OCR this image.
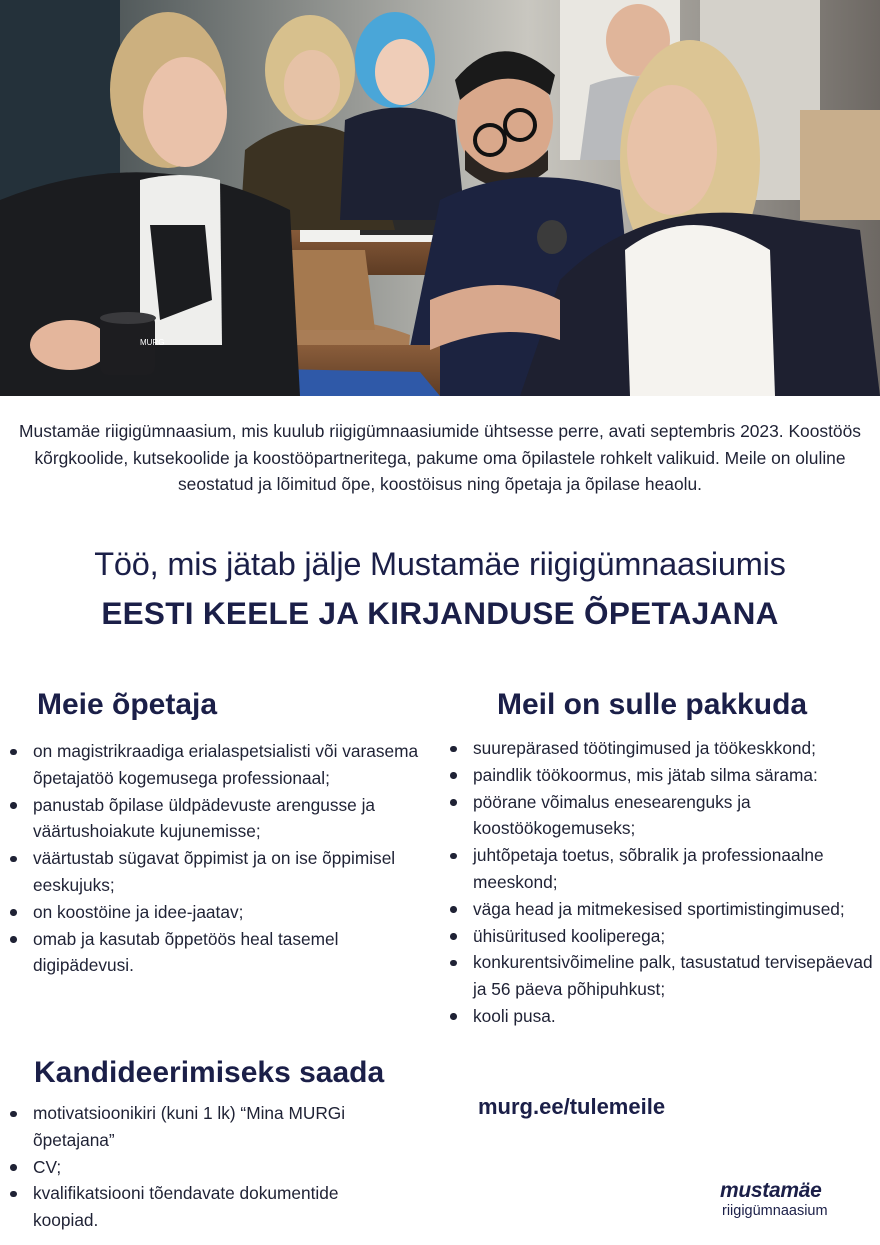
MURG
Mustamäe riigigümnaasium, mis kuulub riigigümnaasiumide ühtsesse perre, avati septembris 2023. Koostöös kõrgkoolide, kutsekoolide ja koostööpartneritega, pakume oma õpilastele rohkelt valikuid. Meile on oluline seostatud ja lõimitud õpe, koostöisus ning õpetaja ja õpilase heaolu.
Töö, mis jätab jälje Mustamäe riigigümnaasiumis
EESTI KEELE JA KIRJANDUSE ÕPETAJANA
Meie õpetaja
on magistrikraadiga erialaspetsialisti või varasema õpetajatöö kogemusega professionaal;
panustab õpilase üldpädevuste arengusse ja väärtushoiakute kujunemisse;
väärtustab sügavat õppimist ja on ise õppimisel eeskujuks;
on koostöine ja idee-jaatav;
omab ja kasutab õppetöös heal tasemel digipädevusi.
Meil on sulle pakkuda
suurepärased töötingimused ja töökeskkond;
paindlik töökoormus, mis jätab silma särama:
pöörane võimalus enesearenguks ja koostöökogemuseks;
juhtõpetaja toetus, sõbralik ja professionaalne meeskond;
väga head ja mitmekesised sportimistingimused;
ühisüritused kooliperega;
konkurentsivõimeline palk, tasustatud tervisepäevad ja 56 päeva põhipuhkust;
kooli pusa.
Kandideerimiseks saada
motivatsioonikiri (kuni 1 lk) “Mina MURGi õpetajana”
CV;
kvalifikatsiooni tõendavate dokumentide koopiad.
murg.ee/tulemeile
mustamäe
riigigümnaasium
